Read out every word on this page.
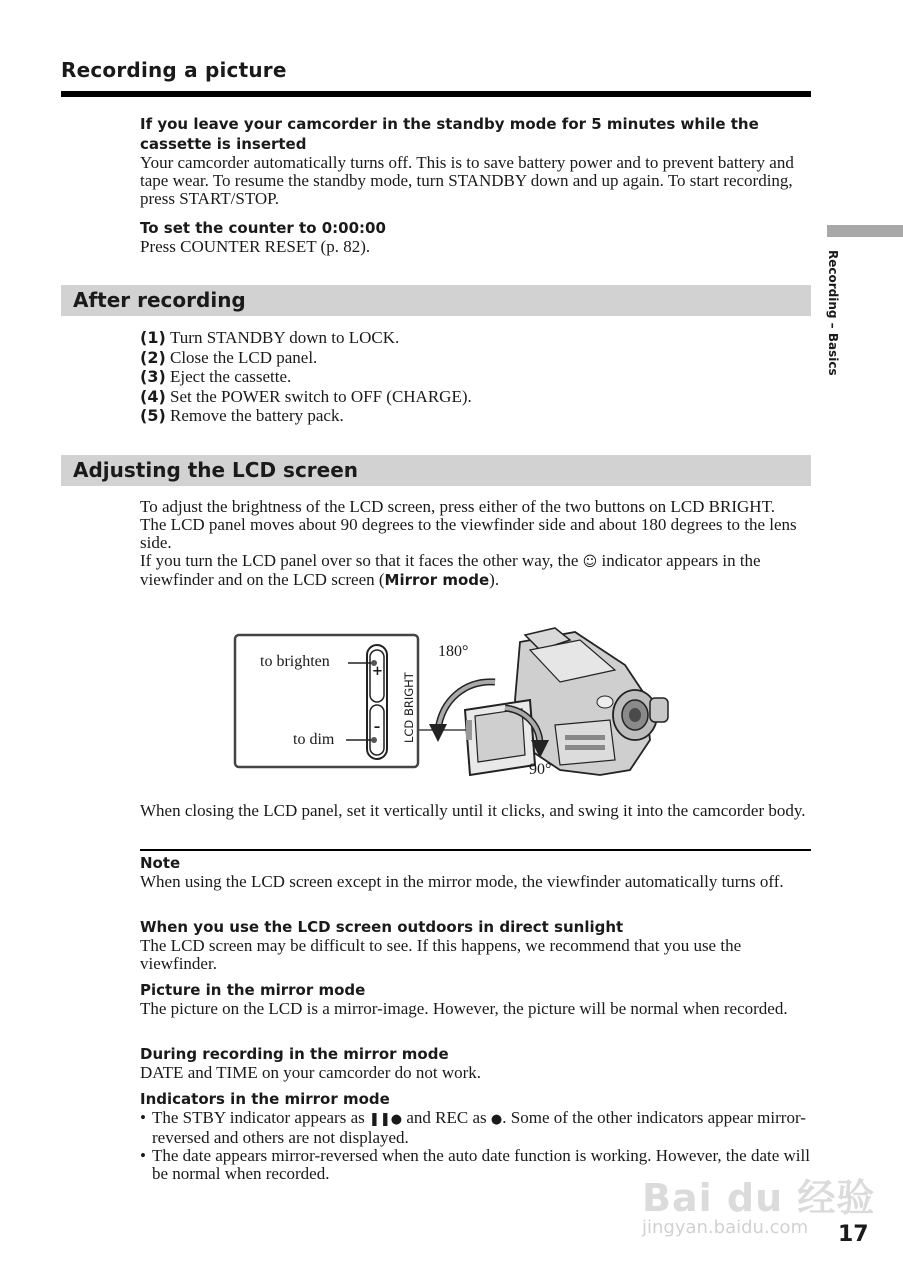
Recording a picture
Recording – Basics
If you leave your camcorder in the standby mode for 5 minutes while the cassette is inserted
Your camcorder automatically turns off. This is to save battery power and to prevent battery and tape wear. To resume the standby mode, turn STANDBY down and up again. To start recording, press START/STOP.
To set the counter to 0:00:00
Press COUNTER RESET (p. 82).
After recording
(1) Turn STANDBY down to LOCK.
(2) Close the LCD panel.
(3) Eject the cassette.
(4) Set the POWER switch to OFF (CHARGE).
(5) Remove the battery pack.
Adjusting the LCD screen
To adjust the brightness of the LCD screen, press either of the two buttons on LCD BRIGHT.
The LCD panel moves about 90 degrees to the viewfinder side and about 180 degrees to the lens side.
If you turn the LCD panel over so that it faces the other way, the ☺ indicator appears in the viewfinder and on the LCD screen (Mirror mode).
to brighten
to dim
+
– LCD BRIGHT
180°
90°
When closing the LCD panel, set it vertically until it clicks, and swing it into the camcorder body.
Note
When using the LCD screen except in the mirror mode, the viewfinder automatically turns off.
When you use the LCD screen outdoors in direct sunlight
The LCD screen may be difficult to see. If this happens, we recommend that you use the viewfinder.
Picture in the mirror mode
The picture on the LCD is a mirror-image. However, the picture will be normal when recorded.
During recording in the mirror mode
DATE and TIME on your camcorder do not work.
Indicators in the mirror mode
• The STBY indicator appears as ❚❚● and REC as ●. Some of the other indicators appear mirror-reversed and others are not displayed.
• The date appears mirror-reversed when the auto date function is working. However, the date will be normal when recorded.
Bai du 经验
jingyan.baidu.com 17
